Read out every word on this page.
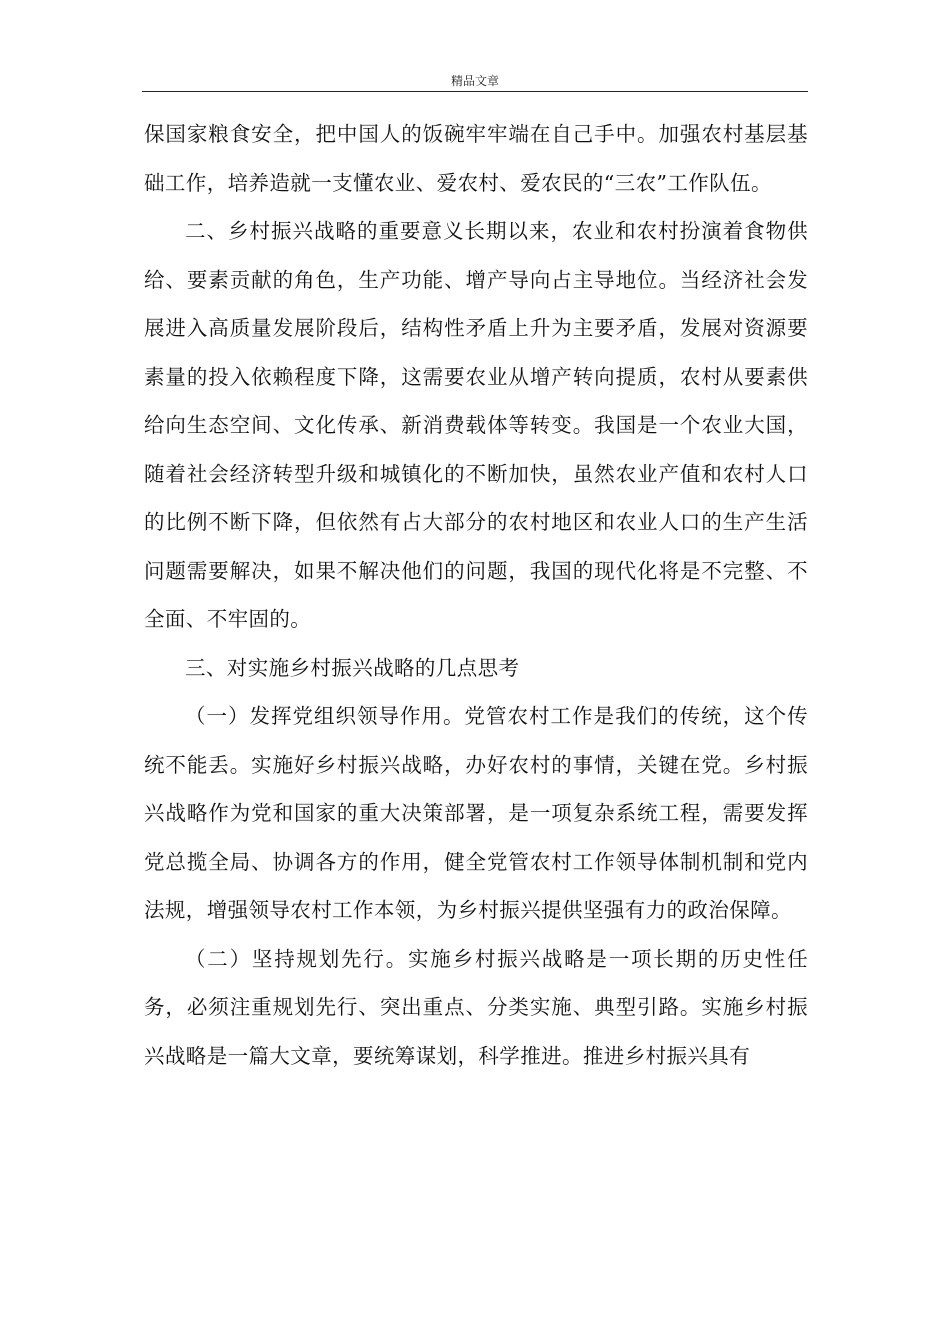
精品文章

保国家粮食安全，把中国人的饭碗牢牢端在自己手中。加强农村基层基础工作，培养造就一支懂农业、爱农村、爱农民的“三农”工作队伍。

二、乡村振兴战略的重要意义长期以来，农业和农村扮演着食物供给、要素贡献的角色，生产功能、增产导向占主导地位。当经济社会发展进入高质量发展阶段后，结构性矛盾上升为主要矛盾，发展对资源要素量的投入依赖程度下降，这需要农业从增产转向提质，农村从要素供给向生态空间、文化传承、新消费载体等转变。我国是一个农业大国，随着社会经济转型升级和城镇化的不断加快，虽然农业产值和农村人口的比例不断下降，但依然有占大部分的农村地区和农业人口的生产生活问题需要解决，如果不解决他们的问题，我国的现代化将是不完整、不全面、不牢固的。

三、对实施乡村振兴战略的几点思考

（一）发挥党组织领导作用。党管农村工作是我们的传统，这个传统不能丢。实施好乡村振兴战略，办好农村的事情，关键在党。乡村振兴战略作为党和国家的重大决策部署，是一项复杂系统工程，需要发挥党总揽全局、协调各方的作用，健全党管农村工作领导体制机制和党内法规，增强领导农村工作本领，为乡村振兴提供坚强有力的政治保障。

（二）坚持规划先行。实施乡村振兴战略是一项长期的历史性任务，必须注重规划先行、突出重点、分类实施、典型引路。实施乡村振兴战略是一篇大文章，要统筹谋划，科学推进。推进乡村振兴具有
